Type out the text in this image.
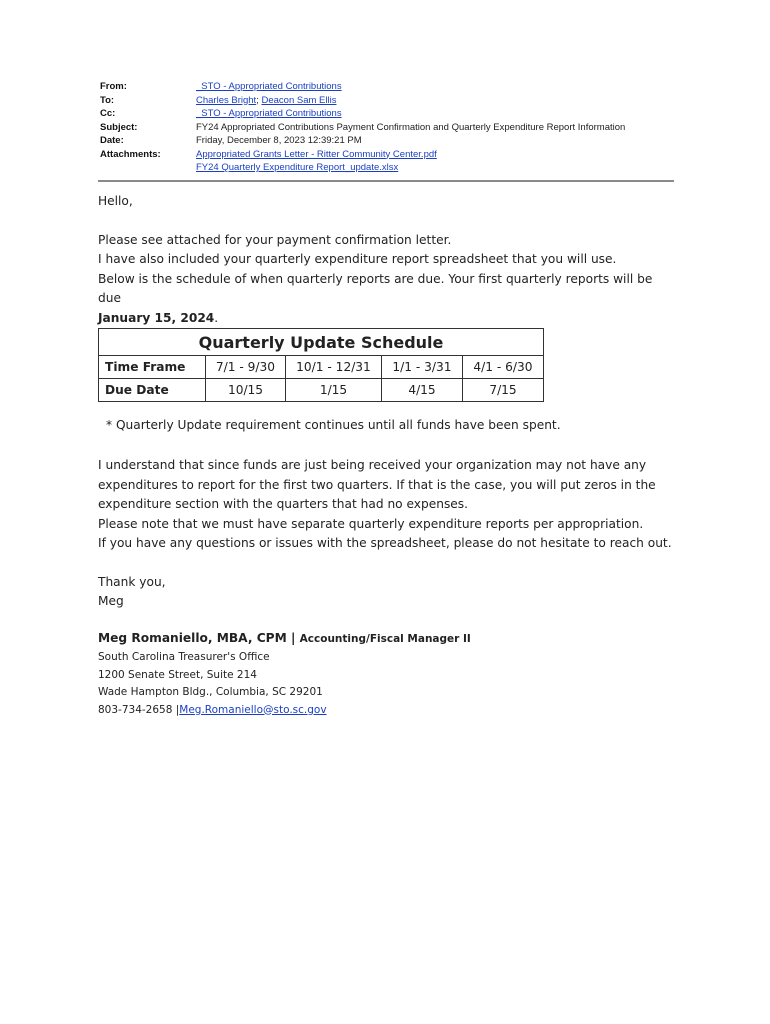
From:	_STO - Appropriated Contributions
To:	Charles Bright; Deacon Sam Ellis
Cc:	_STO - Appropriated Contributions
Subject:	FY24 Appropriated Contributions Payment Confirmation and Quarterly Expenditure Report Information
Date:	Friday, December 8, 2023 12:39:21 PM
Attachments:	Appropriated Grants Letter - Ritter Community Center.pdf
FY24 Quarterly Expenditure Report_update.xlsx

Hello,

Please see attached for your payment confirmation letter.

I have also included your quarterly expenditure report spreadsheet that you will use.

Below is the schedule of when quarterly reports are due. Your first quarterly reports will be due

January 15, 2024.

Quarterly Update Schedule				
Time Frame	7/1 - 9/30	10/1 - 12/31	1/1 - 3/31	4/1 - 6/30
Due Date	10/15	1/15	4/15	7/15
* Quarterly Update requirement continues until all funds have been spent.

I understand that since funds are just being received your organization may not have any

expenditures to report for the first two quarters. If that is the case, you will put zeros in the

expenditure section with the quarters that had no expenses.

Please note that we must have separate quarterly expenditure reports per appropriation.

If you have any questions or issues with the spreadsheet, please do not hesitate to reach out.

Thank you,

Meg

Meg Romaniello, MBA, CPM | Accounting/Fiscal Manager II
South Carolina Treasurer's Office
1200 Senate Street, Suite 214
Wade Hampton Bldg., Columbia, SC 29201
803-734-2658 |Meg.Romaniello@sto.sc.gov
